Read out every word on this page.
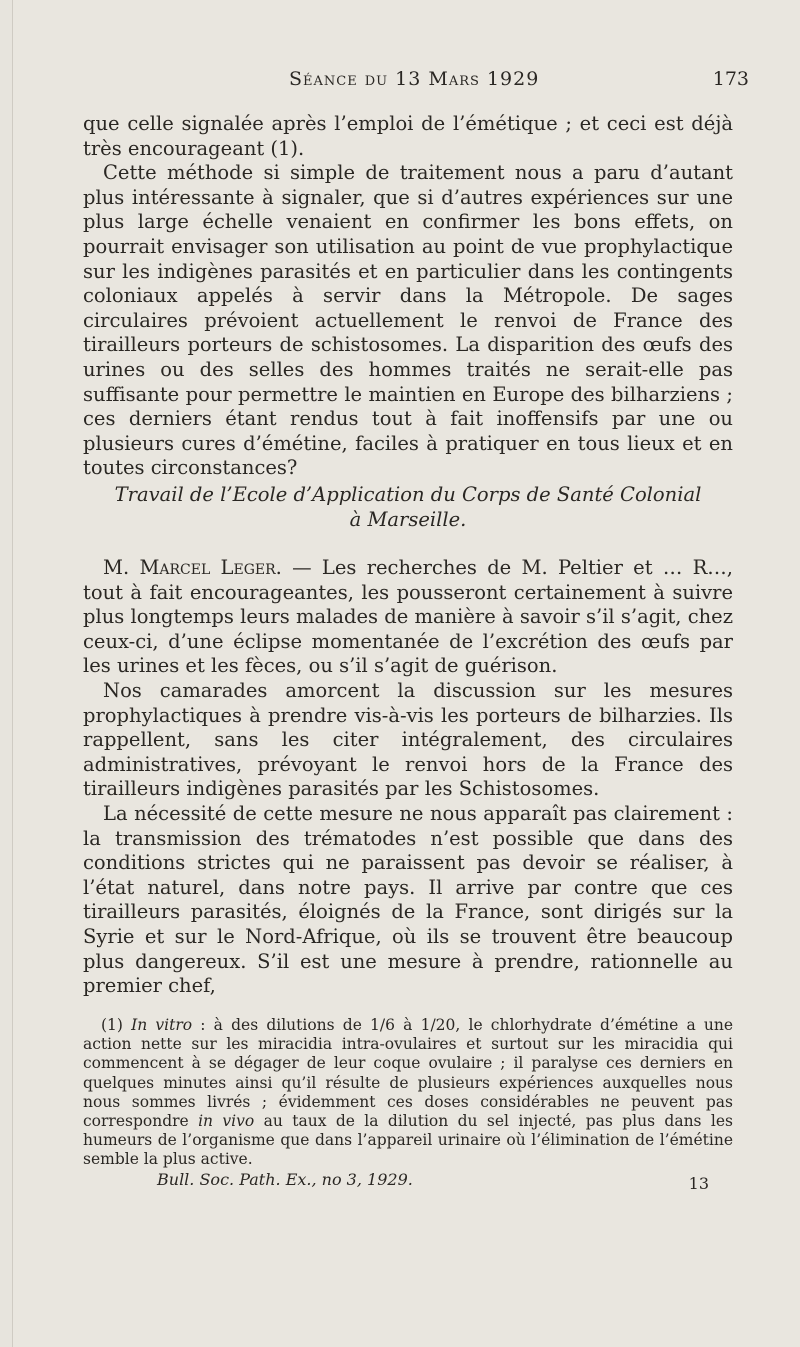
Séance du 13 Mars 1929	173

que celle signalée après l’emploi de l’émétique ; et ceci est déjà très encourageant (1).

Cette méthode si simple de traitement nous a paru d’autant plus intéressante à signaler, que si d’autres expériences sur une plus large échelle venaient en confirmer les bons effets, on pourrait envisager son utilisation au point de vue prophylactique sur les indigènes parasités et en particulier dans les contingents coloniaux appelés à servir dans la Métropole. De sages circulaires prévoient actuellement le renvoi de France des tirailleurs porteurs de schistosomes. La disparition des œufs des urines ou des selles des hommes traités ne serait-elle pas suffisante pour permettre le maintien en Europe des bilharziens ; ces derniers étant rendus tout à fait inoffensifs par une ou plusieurs cures d’émétine, faciles à pratiquer en tous lieux et en toutes circonstances?

Travail de l’Ecole d’Application du Corps de Santé Colonial

à Marseille.

M. Marcel Leger. — Les recherches de M. Peltier et … R…, tout à fait encourageantes, les pousseront certainement à suivre plus longtemps leurs malades de manière à savoir s’il s’agit, chez ceux-ci, d’une éclipse momentanée de l’excrétion des œufs par les urines et les fèces, ou s’il s’agit de guérison.

Nos camarades amorcent la discussion sur les mesures prophylactiques à prendre vis-à-vis les porteurs de bilharzies. Ils rappellent, sans les citer intégralement, des circulaires administratives, prévoyant le renvoi hors de la France des tirailleurs indigènes parasités par les Schistosomes.

La nécessité de cette mesure ne nous apparaît pas clairement : la transmission des trématodes n’est possible que dans des conditions strictes qui ne paraissent pas devoir se réaliser, à l’état naturel, dans notre pays. Il arrive par contre que ces tirailleurs parasités, éloignés de la France, sont dirigés sur la Syrie et sur le Nord-Afrique, où ils se trouvent être beaucoup plus dangereux. S’il est une mesure à prendre, rationnelle au premier chef,

(1) In vitro : à des dilutions de 1/6 à 1/20, le chlorhydrate d’émétine a une action nette sur les miracidia intra-ovulaires et surtout sur les miracidia qui commencent à se dégager de leur coque ovulaire ; il paralyse ces derniers en quelques minutes ainsi qu’il résulte de plusieurs expériences auxquelles nous nous sommes livrés ; évidemment ces doses considérables ne peuvent pas correspondre in vivo au taux de la dilution du sel injecté, pas plus dans les humeurs de l’organisme que dans l’appareil urinaire où l’élimination de l’émétine semble la plus active.

Bull. Soc. Path. Ex., no 3, 1929.	13
